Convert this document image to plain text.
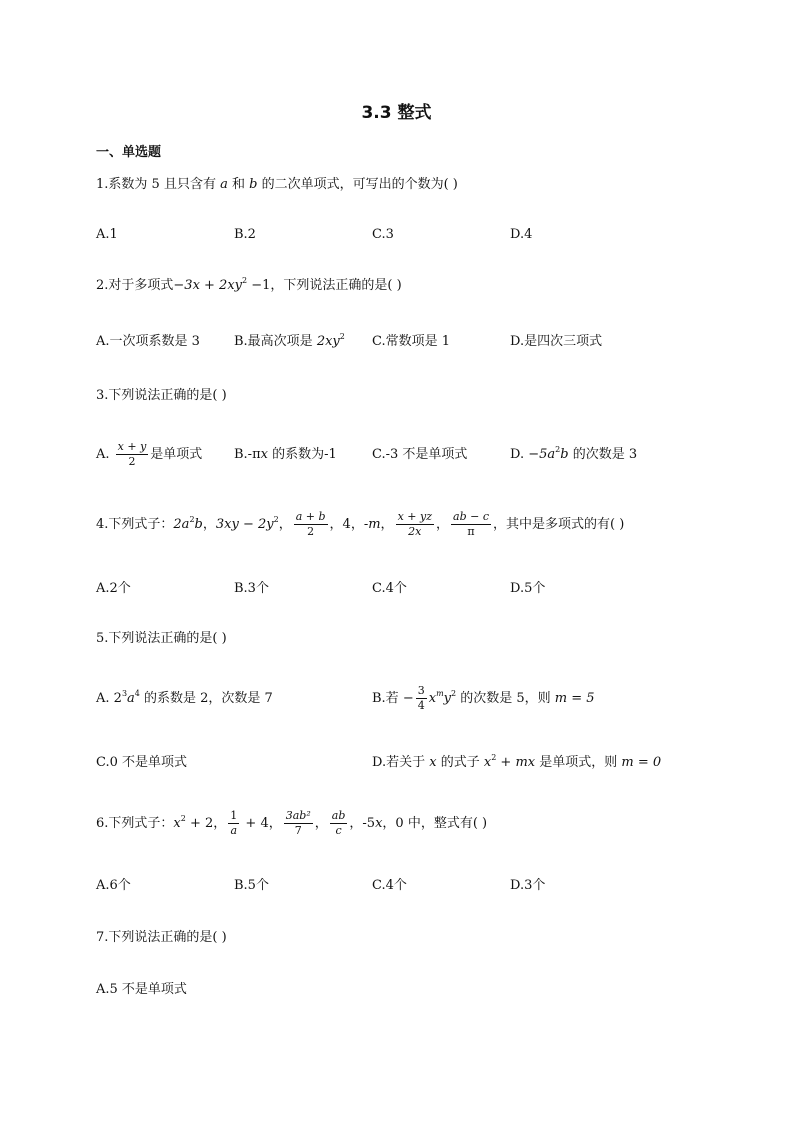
3.3 整式
一、单选题
1.系数为 5 且只含有 a 和 b 的二次单项式，可写出的个数为( )
A.1	B.2	C.3	D.4
2.对于多项式$-3x + 2xy^2 -1$，下列说法正确的是( )
A.一次项系数是 3	B.最高次项是 $2xy^2$ C.常数项是 1	D.是四次三项式
3.下列说法正确的是( )
A. $\frac{x + y}{2}$ 是单项式 B.-πx 的系数为-1	C.-3 不是单项式	D. $-5a^2b$ 的次数是 3
4.下列式子：$2a^2b$，$3xy - 2y^2$， $\frac{a + b}{2}$ ，4，-m， $\frac{x + yz}{2x}$ ， $\frac{ab - c}{\pi}$ ，其中是多项式的有( )
A.2个	B.3个	C.4个	D.5个
5.下列说法正确的是( )
A. $2^3a^4$ 的系数是 2，次数是 7	B.若 − $\frac{3}{4} x^my^2$ 的次数是 5，则 m = 5
C.0 不是单项式	D.若关于 x 的式子 $x^2$ + mx 是单项式，则 m = 0
6.下列式子：$x^2 + 2$， $\frac{1}{a} + 4$， $\frac{\text{3ab²}}{7}$ ， $\frac{ab}{c}$ ，-5x，0 中，整式有( )
A.6个	B.5个	C.4个	D.3个
7.下列说法正确的是( )
A.5 不是单项式
